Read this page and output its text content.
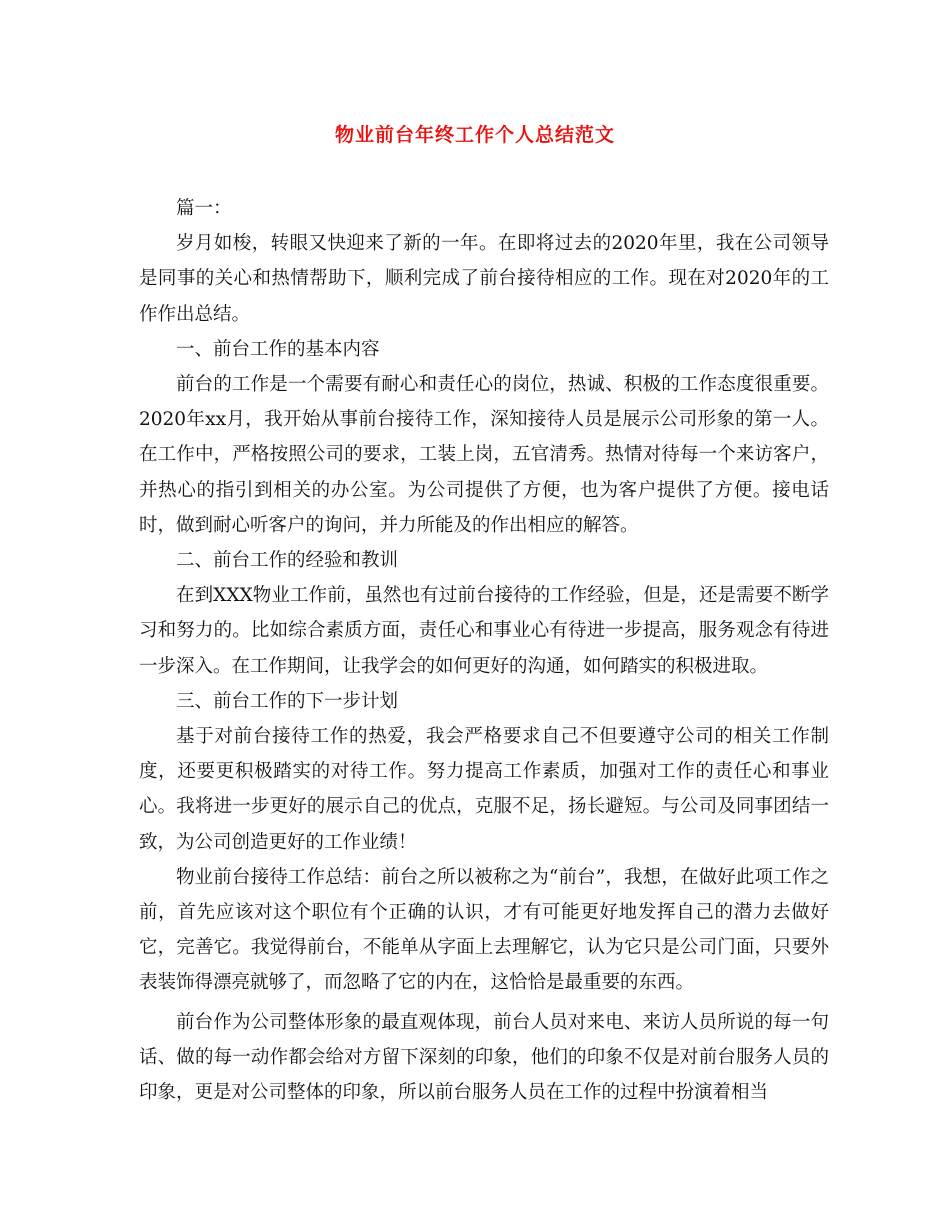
物业前台年终工作个人总结范文

篇一：

岁月如梭，转眼又快迎来了新的一年。在即将过去的2020年里，我在公司领导是同事的关心和热情帮助下，顺利完成了前台接待相应的工作。现在对2020年的工作作出总结。

一、前台工作的基本内容

前台的工作是一个需要有耐心和责任心的岗位，热诚、积极的工作态度很重要。2020年xx月，我开始从事前台接待工作，深知接待人员是展示公司形象的第一人。在工作中，严格按照公司的要求，工装上岗，五官清秀。热情对待每一个来访客户，并热心的指引到相关的办公室。为公司提供了方便，也为客户提供了方便。接电话时，做到耐心听客户的询问，并力所能及的作出相应的解答。

二、前台工作的经验和教训

在到XXX物业工作前，虽然也有过前台接待的工作经验，但是，还是需要不断学习和努力的。比如综合素质方面，责任心和事业心有待进一步提高，服务观念有待进一步深入。在工作期间，让我学会的如何更好的沟通，如何踏实的积极进取。

三、前台工作的下一步计划

基于对前台接待工作的热爱，我会严格要求自己不但要遵守公司的相关工作制度，还要更积极踏实的对待工作。努力提高工作素质，加强对工作的责任心和事业心。我将进一步更好的展示自己的优点，克服不足，扬长避短。与公司及同事团结一致，为公司创造更好的工作业绩！

物业前台接待工作总结：前台之所以被称之为“前台”，我想，在做好此项工作之前，首先应该对这个职位有个正确的认识，才有可能更好地发挥自己的潜力去做好它，完善它。我觉得前台，不能单从字面上去理解它，认为它只是公司门面，只要外表装饰得漂亮就够了，而忽略了它的内在，这恰恰是最重要的东西。

前台作为公司整体形象的最直观体现，前台人员对来电、来访人员所说的每一句话、做的每一动作都会给对方留下深刻的印象，他们的印象不仅是对前台服务人员的印象，更是对公司整体的印象，所以前台服务人员在工作的过程中扮演着相当
